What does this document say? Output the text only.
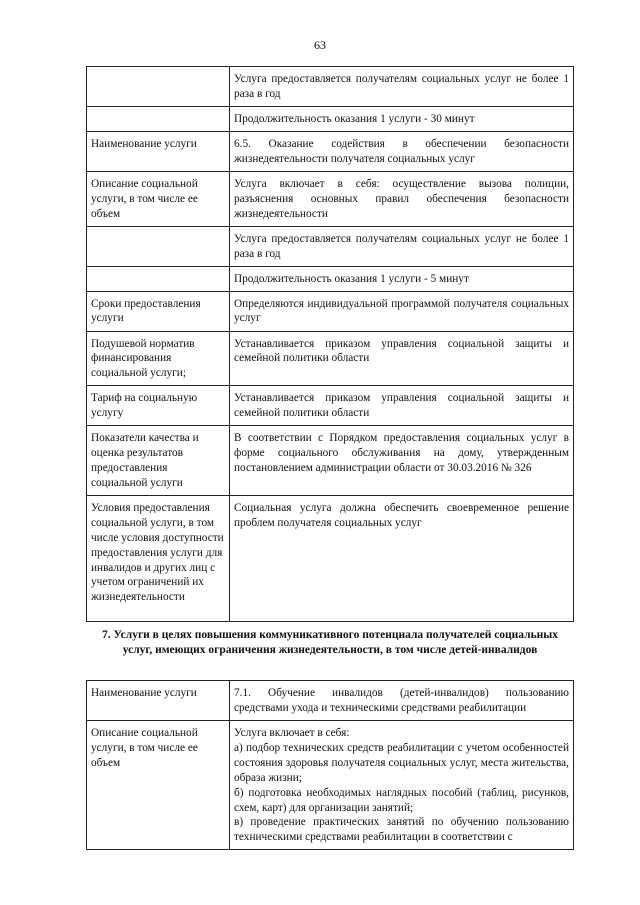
63
	Услуга предоставляется получателям социальных услуг не более 1 раза в год
	Продолжительность оказания 1 услуги - 30 минут
Наименование услуги	6.5. Оказание содействия в обеспечении безопасности жизнедеятельности получателя социальных услуг
Описание социальной услуги, в том числе ее объем	Услуга включает в себя: осуществление вызова полиции, разъяснения основных правил обеспечения безопасности жизнедеятельности
	Услуга предоставляется получателям социальных услуг не более 1 раза в год
	Продолжительность оказания 1 услуги - 5 минут
Сроки предоставления услуги	Определяются индивидуальной программой получателя социальных услуг
Подушевой норматив финансирования социальной услуги;	Устанавливается приказом управления социальной защиты и семейной политики области
Тариф на социальную услугу	Устанавливается приказом управления социальной защиты и семейной политики области
Показатели качества и оценка результатов предоставления социальной услуги	В соответствии с Порядком предоставления социальных услуг в форме социального обслуживания на дому, утвержденным постановлением администрации области от 30.03.2016 № 326
Условия предоставления социальной услуги, в том числе условия доступности предоставления услуги для инвалидов и других лиц с учетом ограничений их жизнедеятельности	Социальная услуга должна обеспечить своевременное решение проблем получателя социальных услуг
7. Услуги в целях повышения коммуникативного потенциала получателей социальных услуг, имеющих ограничения жизнедеятельности, в том числе детей-инвалидов
Наименование услуги	7.1. Обучение инвалидов (детей-инвалидов) пользованию средствами ухода и техническими средствами реабилитации
Описание социальной услуги, в том числе ее объем	Услуга включает в себя:
а) подбор технических средств реабилитации с учетом особенностей состояния здоровья получателя социальных услуг, места жительства, образа жизни;
б) подготовка необходимых наглядных пособий (таблиц, рисунков, схем, карт) для организации занятий;
в) проведение практических занятий по обучению пользованию техническими средствами реабилитации в соответствии с
